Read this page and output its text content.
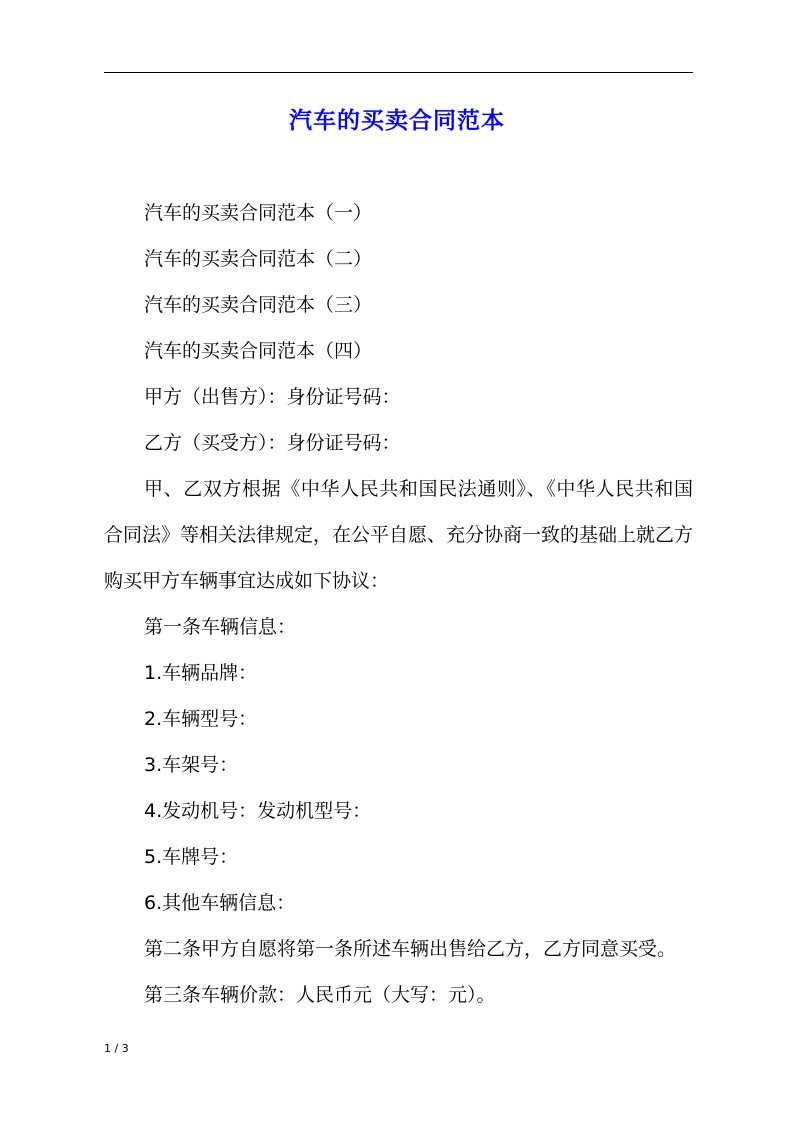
汽车的买卖合同范本

汽车的买卖合同范本（一）

汽车的买卖合同范本（二）

汽车的买卖合同范本（三）

汽车的买卖合同范本（四）

甲方（出售方）：身份证号码：

乙方（买受方）：身份证号码：

甲、乙双方根据《中华人民共和国民法通则》、《中华人民共和国合同法》等相关法律规定，在公平自愿、充分协商一致的基础上就乙方购买甲方车辆事宜达成如下协议：

第一条车辆信息：

1.车辆品牌：

2.车辆型号：

3.车架号：

4.发动机号：发动机型号：

5.车牌号：

6.其他车辆信息：

第二条甲方自愿将第一条所述车辆出售给乙方，乙方同意买受。

第三条车辆价款：人民币元（大写：元）。

1 / 3
